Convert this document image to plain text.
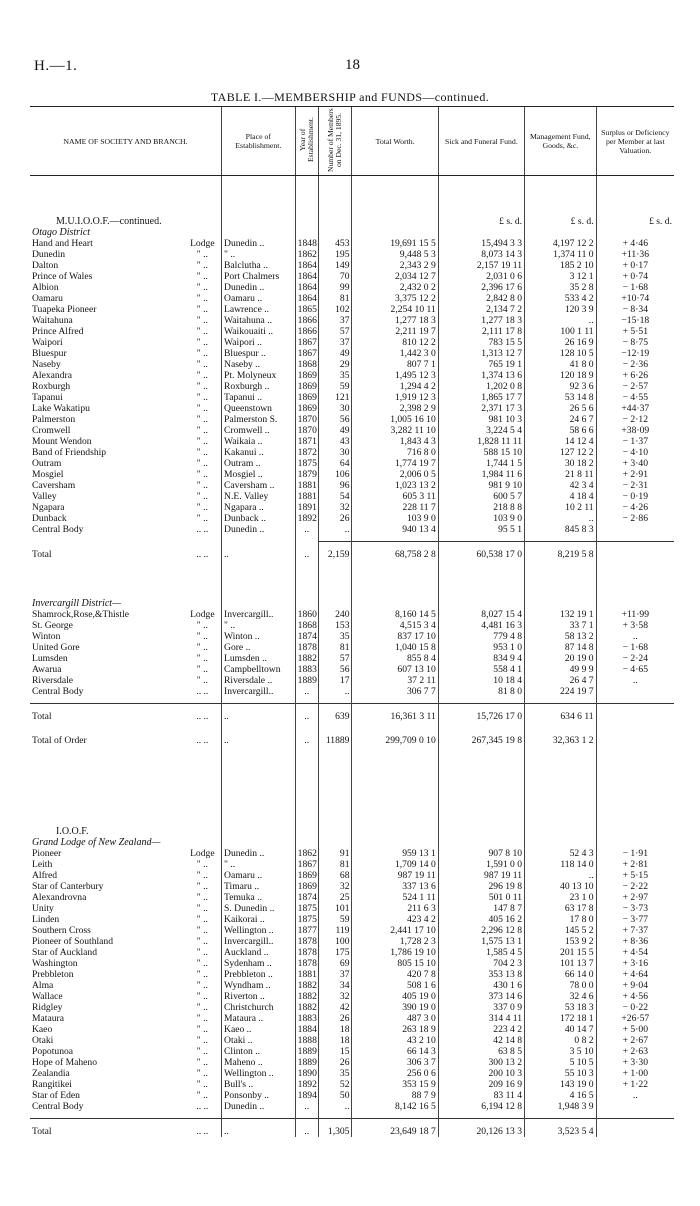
H.—1.	18
TABLE I.—MEMBERSHIP and FUNDS—continued.
NAME OF SOCIETY AND BRANCH.		Place of Establishment.	Year of Establishment.	Number of Members on Dec. 31, 1895.	Total Worth.	Sick and Funeral Fund.	Management Fund, Goods, &c.	Surplus or Deficiency per Member at last Valuation.

M.U.I.O.O.F.—continued.						£ s. d.	£ s. d.	£ s. d.
Otago District								
Hand and Heart	Lodge	Dunedin ..	1848	453	19,691 15 5	15,494 3 3	4,197 12 2	+ 4·46
Dunedin	" ..	" ..	1862	195	9,448 5 3	8,073 14 3	1,374 11 0	+11·36
Dalton	" ..	Balclutha ..	1864	149	2,343 2 9	2,157 19 11	185 2 10	+ 0·17
Prince of Wales	" ..	Port Chalmers	1864	70	2,034 12 7	2,031 0 6	3 12 1	+ 0·74
Albion	" ..	Dunedin ..	1864	99	2,432 0 2	2,396 17 6	35 2 8	− 1·68
Oamaru	" ..	Oamaru ..	1864	81	3,375 12 2	2,842 8 0	533 4 2	+10·74
Tuapeka Pioneer	" ..	Lawrence ..	1865	102	2,254 10 11	2,134 7 2	120 3 9	− 8·34
Waitahuna	" ..	Waitahuna ..	1866	37	1,277 18 3	1,277 18 3	..	−15·18
Prince Alfred	" ..	Waikouaiti ..	1866	57	2,211 19 7	2,111 17 8	100 1 11	+ 5·51
Waipori	" ..	Waipori ..	1867	37	810 12 2	783 15 5	26 16 9	− 8·75
Bluespur	" ..	Bluespur ..	1867	49	1,442 3 0	1,313 12 7	128 10 5	−12·19
Naseby	" ..	Naseby ..	1868	29	807 7 1	765 19 1	41 8 0	− 2·36
Alexandra	" ..	Pt. Molyneux	1869	35	1,495 12 3	1,374 13 6	120 18 9	+ 6·26
Roxburgh	" ..	Roxburgh ..	1869	59	1,294 4 2	1,202 0 8	92 3 6	− 2·57
Tapanui	" ..	Tapanui ..	1869	121	1,919 12 3	1,865 17 7	53 14 8	− 4·55
Lake Wakatipu	" ..	Queenstown	1869	30	2,398 2 9	2,371 17 3	26 5 6	+44·37
Palmerston	" ..	Palmerston S.	1870	56	1,005 16 10	981 10 3	24 6 7	− 2·12
Cromwell	" ..	Cromwell ..	1870	49	3,282 11 10	3,224 5 4	58 6 6	+38·09
Mount Wendon	" ..	Waikaia ..	1871	43	1,843 4 3	1,828 11 11	14 12 4	− 1·37
Band of Friendship	" ..	Kakanui ..	1872	30	716 8 0	588 15 10	127 12 2	− 4·10
Outram	" ..	Outram ..	1875	64	1,774 19 7	1,744 1 5	30 18 2	+ 3·40
Mosgiel	" ..	Mosgiel ..	1879	106	2,006 0 5	1,984 11 6	21 8 11	+ 2·91
Caversham	" ..	Caversham ..	1881	96	1,023 13 2	981 9 10	42 3 4	− 2·31
Valley	" ..	N.E. Valley	1881	54	605 3 11	600 5 7	4 18 4	− 0·19
Ngapara	" ..	Ngapara ..	1891	32	228 11 7	218 8 8	10 2 11	− 4·26
Dunback	" ..	Dunback ..	1892	26	103 9 0	103 9 0	..	− 2·86
Central Body	.. ..	Dunedin ..	..	..	940 13 4	95 5 1	845 8 3	

Total	.. ..	..	..	2,159	68,758 2 8	60,538 17 0	8,219 5 8	

Invercargill District—								
Shamrock,Rose,&Thistle	Lodge	Invercargill..	1860	240	8,160 14 5	8,027 15 4	132 19 1	+11·99
St. George	" ..	" ..	1868	153	4,515 3 4	4,481 16 3	33 7 1	+ 3·58
Winton	" ..	Winton ..	1874	35	837 17 10	779 4 8	58 13 2	..
United Gore	" ..	Gore ..	1878	81	1,040 15 8	953 1 0	87 14 8	− 1·68
Lumsden	" ..	Lumsden ..	1882	57	855 8 4	834 9 4	20 19 0	− 2·24
Awarua	" ..	Campbelltown	1883	56	607 13 10	558 4 1	49 9 9	− 4·65
Riversdale	" ..	Riversdale ..	1889	17	37 2 11	10 18 4	26 4 7	..
Central Body	.. ..	Invercargill..	..	..	306 7 7	81 8 0	224 19 7	

Total	.. ..	..	..	639	16,361 3 11	15,726 17 0	634 6 11	

Total of Order	.. ..	..	..	11889	299,709 0 10	267,345 19 8	32,363 1 2	

I.O.O.F.								
Grand Lodge of New Zealand—								
Pioneer	Lodge	Dunedin ..	1862	91	959 13 1	907 8 10	52 4 3	− 1·91
Leith	" ..	" ..	1867	81	1,709 14 0	1,591 0 0	118 14 0	+ 2·81
Alfred	" ..	Oamaru ..	1869	68	987 19 11	987 19 11	..	+ 5·15
Star of Canterbury	" ..	Timaru ..	1869	32	337 13 6	296 19 8	40 13 10	− 2·22
Alexandrovna	" ..	Temuka ..	1874	25	524 1 11	501 0 11	23 1 0	+ 2·97
Unity	" ..	S. Dunedin ..	1875	101	211 6 3	147 8 7	63 17 8	− 3·73
Linden	" ..	Kaikorai ..	1875	59	423 4 2	405 16 2	17 8 0	− 3·77
Southern Cross	" ..	Wellington ..	1877	119	2,441 17 10	2,296 12 8	145 5 2	+ 7·37
Pioneer of Southland	" ..	Invercargill..	1878	100	1,728 2 3	1,575 13 1	153 9 2	+ 8·36
Star of Auckland	" ..	Auckland ..	1878	175	1,786 19 10	1,585 4 5	201 15 5	+ 4·54
Washington	" ..	Sydenham ..	1878	69	805 15 10	704 2 3	101 13 7	+ 3·16
Prebbleton	" ..	Prebbleton ..	1881	37	420 7 8	353 13 8	66 14 0	+ 4·64
Alma	" ..	Wyndham ..	1882	34	508 1 6	430 1 6	78 0 0	+ 9·04
Wallace	" ..	Riverton ..	1882	32	405 19 0	373 14 6	32 4 6	+ 4·56
Ridgley	" ..	Christchurch	1882	42	390 19 0	337 0 9	53 18 3	− 0·22
Mataura	" ..	Mataura ..	1883	26	487 3 0	314 4 11	172 18 1	+26·57
Kaeo	" ..	Kaeo ..	1884	18	263 18 9	223 4 2	40 14 7	+ 5·00
Otaki	" ..	Otaki ..	1888	18	43 2 10	42 14 8	0 8 2	+ 2·67
Popotunoa	" ..	Clinton ..	1889	15	66 14 3	63 8 5	3 5 10	+ 2·63
Hope of Maheno	" ..	Maheno ..	1889	26	306 3 7	300 13 2	5 10 5	+ 3·30
Zealandia	" ..	Wellington ..	1890	35	256 0 6	200 10 3	55 10 3	+ 1·00
Rangitikei	" ..	Bull's ..	1892	52	353 15 9	209 16 9	143 19 0	+ 1·22
Star of Eden	" ..	Ponsonby ..	1894	50	88 7 9	83 11 4	4 16 5	..
Central Body	.. ..	Dunedin ..	..	..	8,142 16 5	6,194 12 8	1,948 3 9	

Total	.. ..	..	..	1,305	23,649 18 7	20,126 13 3	3,523 5 4	
